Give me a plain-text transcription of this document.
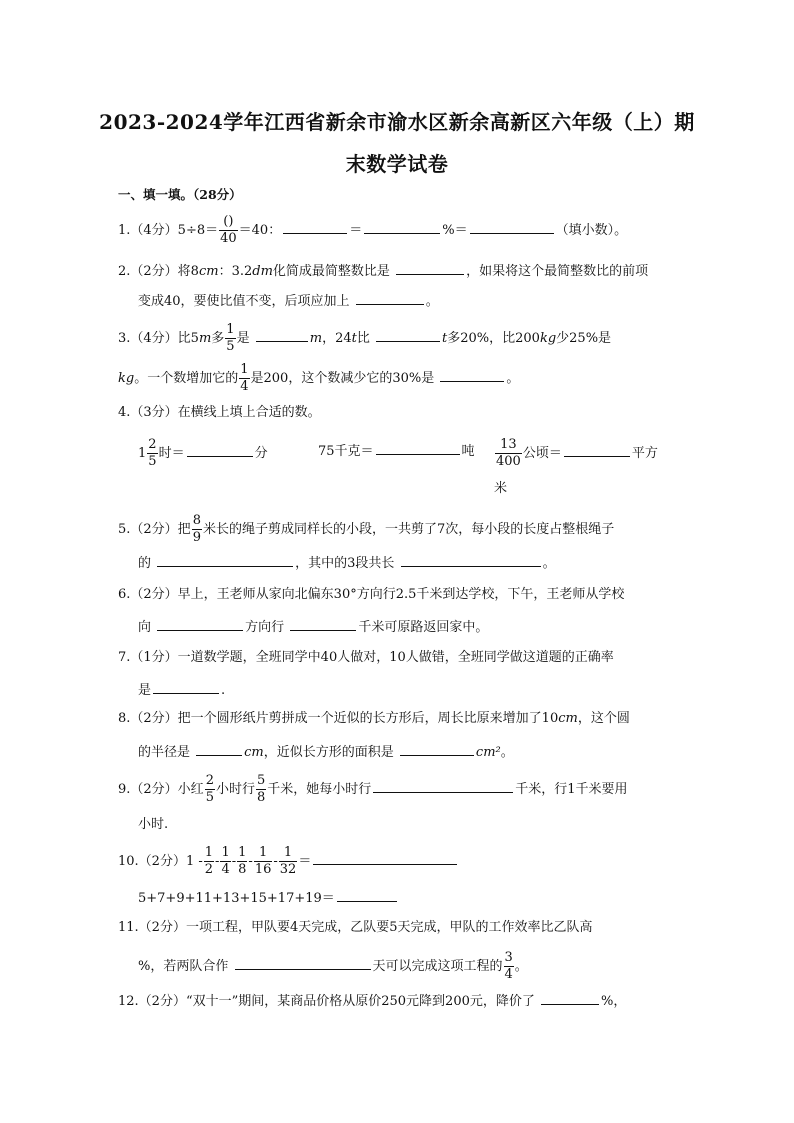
2023-2024学年江西省新余市渝水区新余高新区六年级（上）期
末数学试卷
一、填一填。（28分）
1.（4分）$5\div 8= \frac{()}{40} =40$：	＝	%＝	（填小数）。
2.（2分）将8cm：3.2dm化简成最简整数比是	，如果将这个最简整数比的前项
变成40，要使比值不变，后项应加上	。
3.（4分）比5m多 $\frac{1}{5}$ 是	m，24t比	t多20%，比200kg少25%是
kg。一个数增加它的 $\frac{1}{4}$ 是200，这个数减少它的30%是	。
4.（3分）在横线上填上合适的数。
$1 \frac{2}{5}$ 时＝	分	75千克＝	吨 $\frac{13}{400}$ 公顷＝	平方
米
5.（2分）把 $\frac{8}{9}$ 米长的绳子剪成同样长的小段，一共剪了7次，每小段的长度占整根绳子
的	，其中的3段共长	。
6.（2分）早上，王老师从家向北偏东30°方向行2.5千米到达学校，下午，王老师从学校
向	方向行	千米可原路返回家中。
7.（1分）一道数学题，全班同学中40人做对，10人做错，全班同学做这道题的正确率
是	.
8.（2分）把一个圆形纸片剪拼成一个近似的长方形后，周长比原来增加了10cm，这个圆
的半径是	cm，近似长方形的面积是	cm²。
9.（2分）小红 $\frac{2}{5}$ 小时行 $\frac{5}{8}$ 千米，她每小时行	千米，行1千米要用
小时.
10.（2分）$1 - \frac{1}{2} - \frac{1}{4} - \frac{1}{8} - \frac{1}{16} - \frac{1}{32}$ ＝
5+7+9+11+13+15+17+19＝
11.（2分）一项工程，甲队要4天完成，乙队要5天完成，甲队的工作效率比乙队高
%，若两队合作	天可以完成这项工程的 $\frac{3}{4}$ 。
12.（2分）“双十一”期间，某商品价格从原价250元降到200元，降价了	%，
